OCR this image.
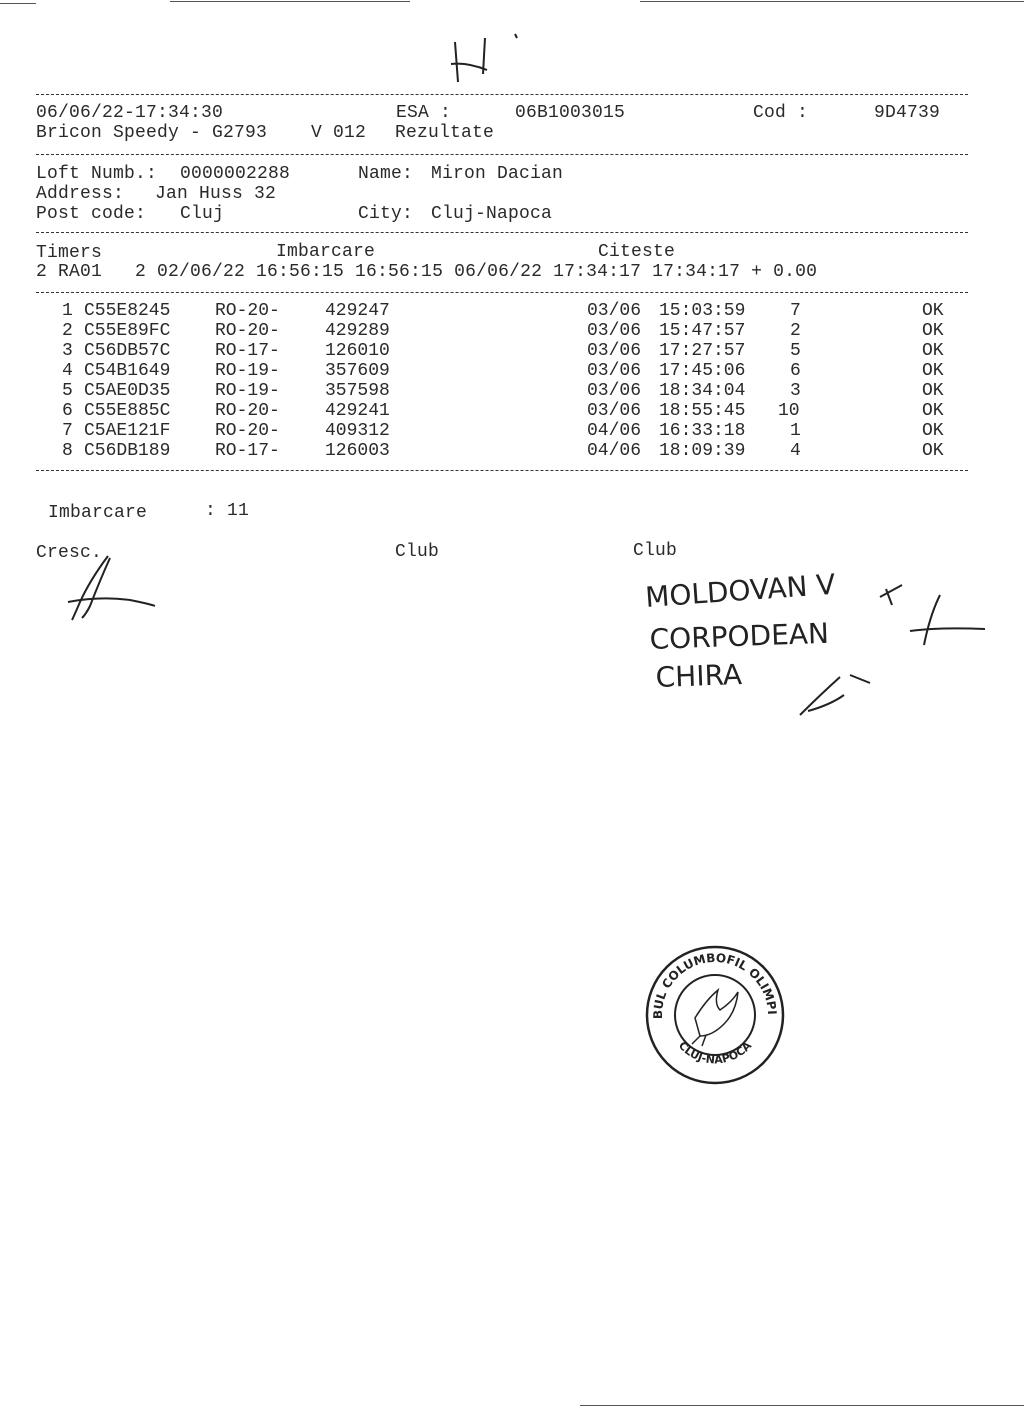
06/06/22-17:34:30	ESA :	06B1003015	Cod :	9D4739
Bricon Speedy - G2793 V 012 Rezultate
Loft Numb.: 0000002288	Name: Miron Dacian
Address: Jan Huss 32
Post code: Cluj	City: Cluj-Napoca
Timers	Imbarcare	Citeste
2 RA01   2 02/06/22 16:56:15 16:56:15 06/06/22 17:34:17 17:34:17 + 0.00
1 C55E8245 RO-20-	429247	03/06 15:03:59 7	OK
2 C55E89FC RO-20-	429289	03/06 15:47:57 2	OK
3 C56DB57C RO-17-	126010	03/06 17:27:57 5	OK
4 C54B1649 RO-19-	357609	03/06 17:45:06 6	OK
5 C5AE0D35 RO-19-	357598	03/06 18:34:04 3	OK
6 C55E885C RO-20-	429241	03/06 18:55:45 10	OK
7 C5AE121F RO-20-	409312	04/06 16:33:18 1	OK
8 C56DB189 RO-17-	126003	04/06 18:09:39 4	OK
Imbarcare	: 11
Cresc.	Club	Club
MOLDOVAN V
CORPODEAN
CHIRA
CLUBUL COLUMBOFIL OLIMPIA 04
CLUJ-NAPOCA
